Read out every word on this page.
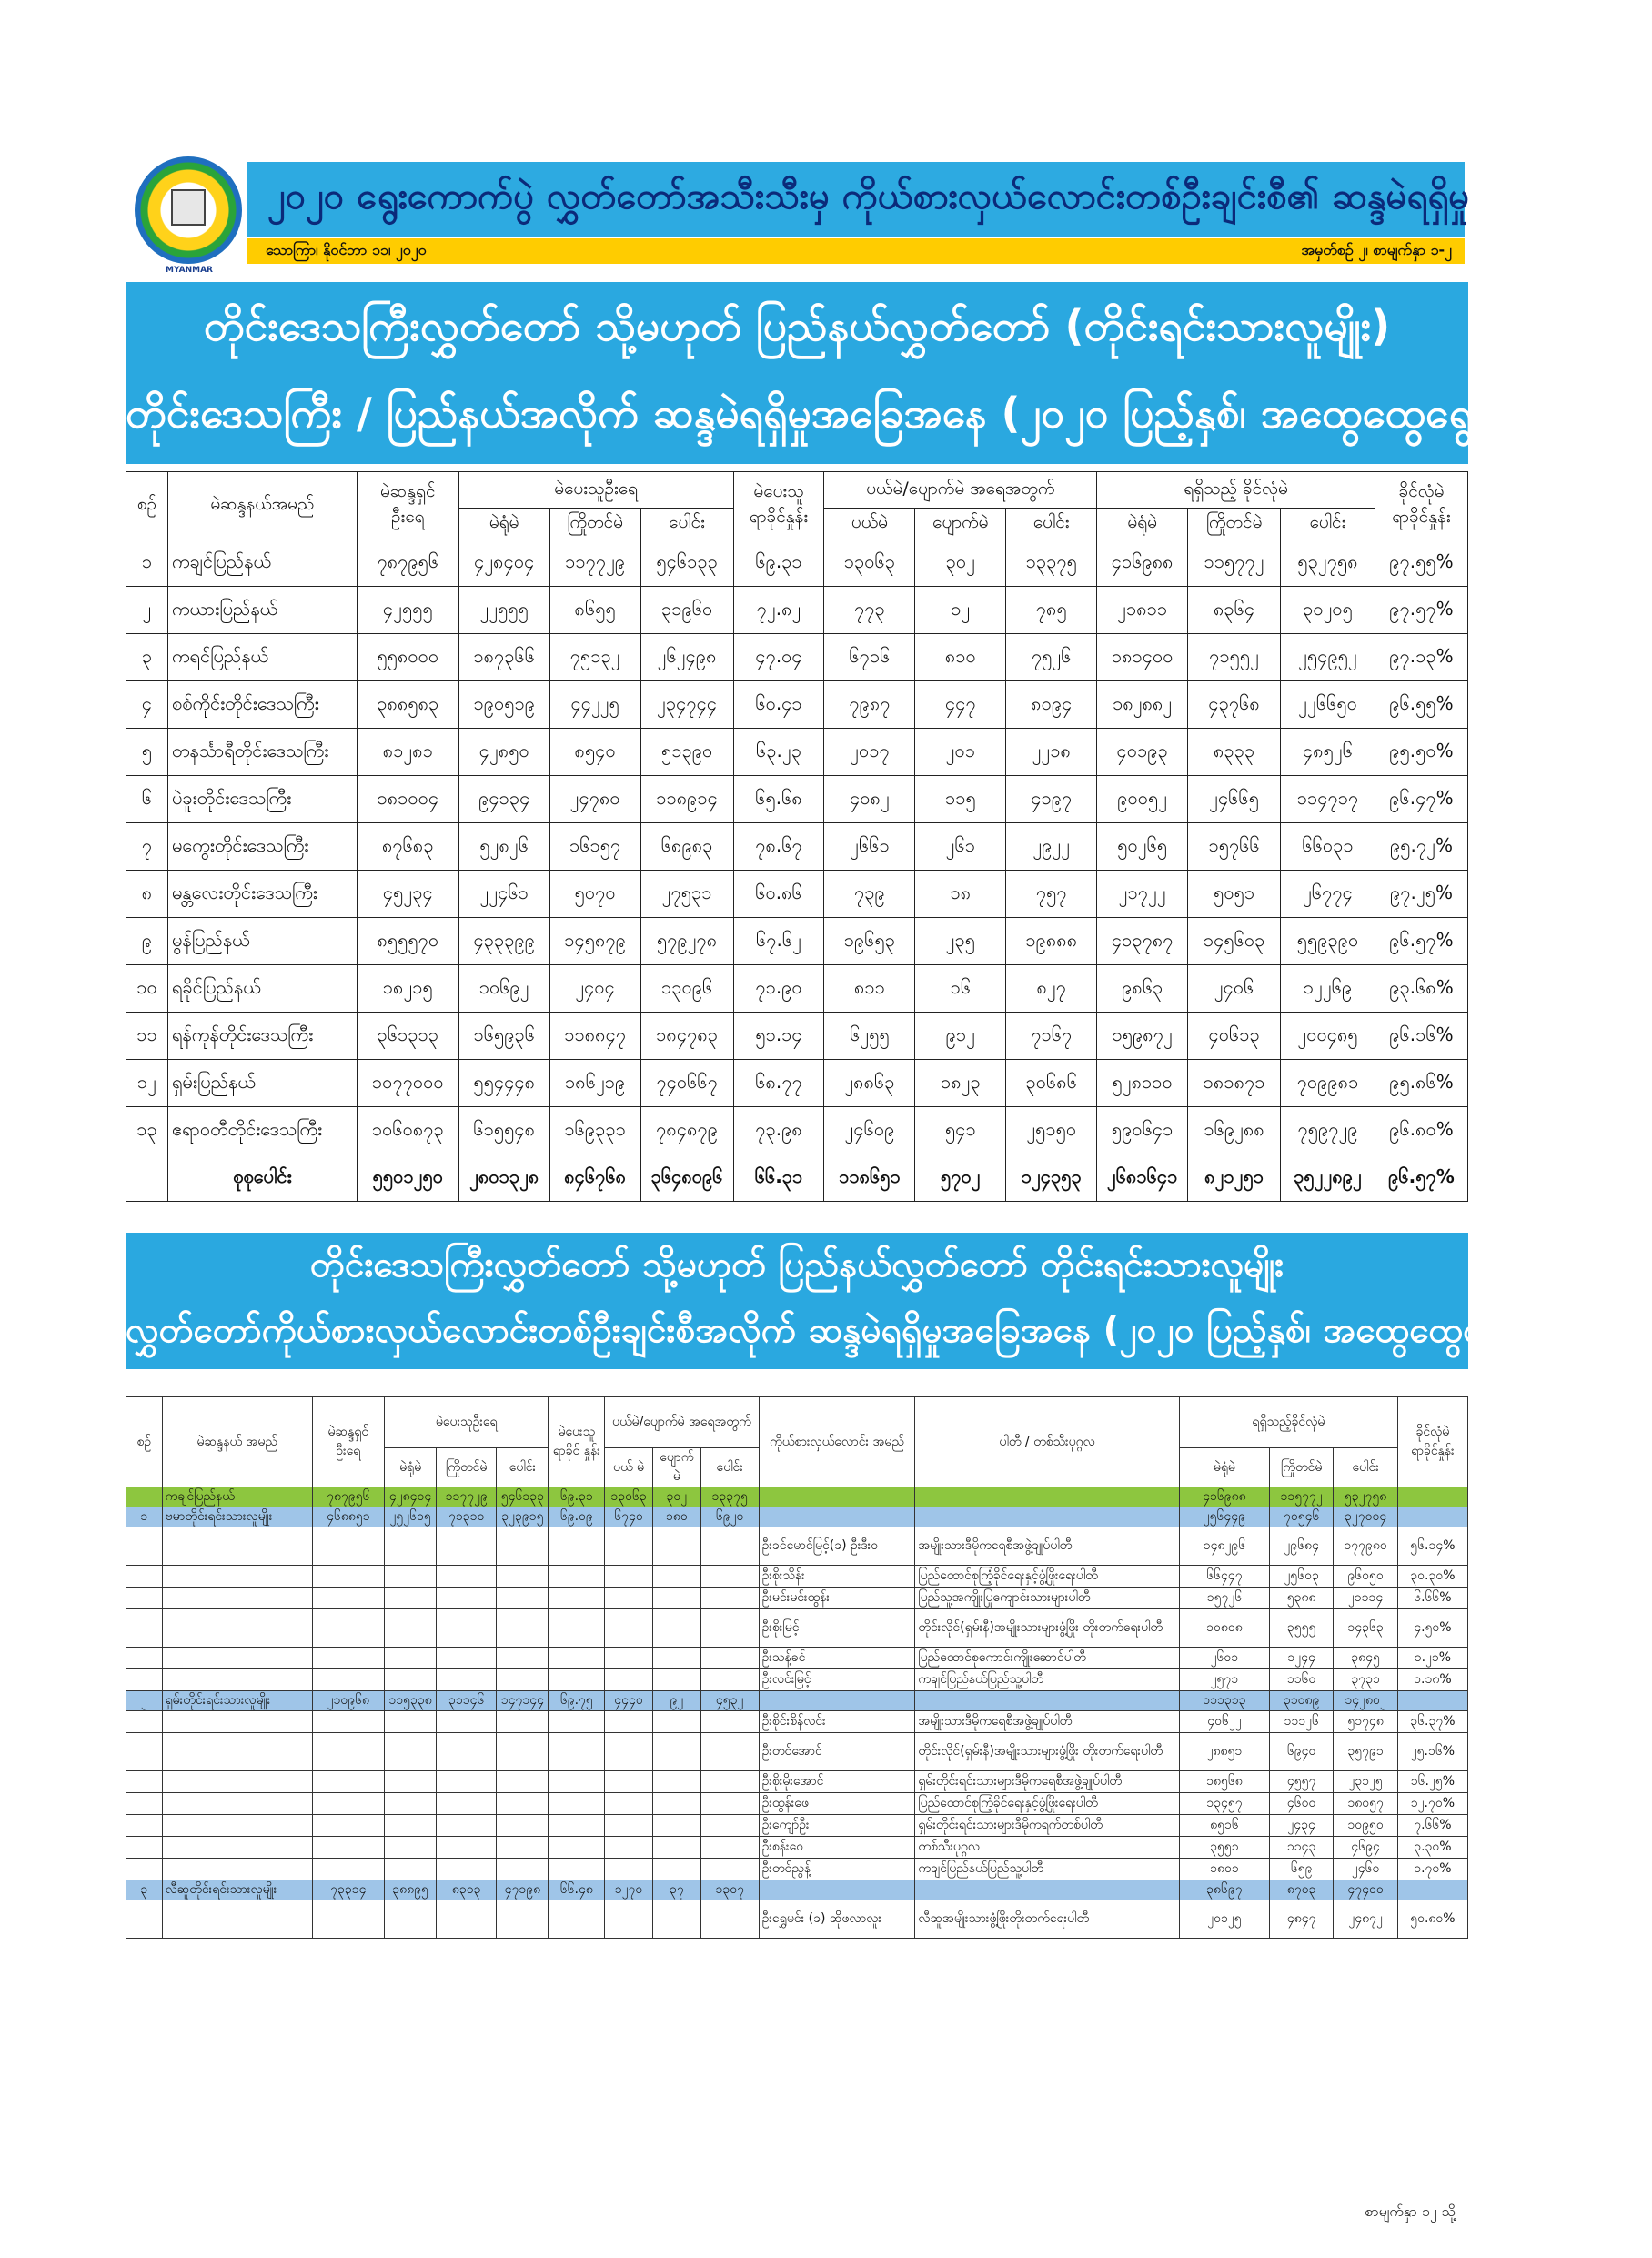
MYANMAR
၂၀၂၀ ရွေးကောက်ပွဲ လွှတ်တော်အသီးသီးမှ ကိုယ်စားလှယ်လောင်းတစ်ဦးချင်းစီ၏ ဆန္ဒမဲရရှိမှု
သောကြာ၊ နိုဝင်ဘာ ၁၁၊ ၂၀၂၀	အမှတ်စဉ် ၂၊ စာမျက်နှာ ၁-၂
တိုင်းဒေသကြီးလွှတ်တော် သို့မဟုတ် ပြည်နယ်လွှတ်တော် (တိုင်းရင်းသားလူမျိုး)
တိုင်းဒေသကြီး / ပြည်နယ်အလိုက် ဆန္ဒမဲရရှိမှုအခြေအနေ (၂၀၂၀ ပြည့်နှစ်၊ အထွေထွေရွေးကောက်ပွဲ)
စဉ်	မဲဆန္ဒနယ်အမည်	မဲဆန္ဒရှင် ဦးရေ	မဲပေးသူဦးရေ			မဲပေးသူ ရာခိုင်နှုန်း	ပယ်မဲ/ပျောက်မဲ အရေအတွက်			ရရှိသည့် ခိုင်လုံမဲ			ခိုင်လုံမဲ ရာခိုင်နှုန်း
			မဲရုံမဲ	ကြိုတင်မဲ	ပေါင်း		ပယ်မဲ	ပျောက်မဲ	ပေါင်း	မဲရုံမဲ	ကြိုတင်မဲ	ပေါင်း	
၁	ကချင်ပြည်နယ်	၇၈၇၉၅၆	၄၂၈၄၀၄	၁၁၇၇၂၉	၅၄၆၁၃၃	၆၉.၃၁	၁၃၀၆၃	၃၀၂	၁၃၃၇၅	၄၁၆၉၈၈	၁၁၅၇၇၂	၅၃၂၇၅၈	၉၇.၅၅%
၂	ကယားပြည်နယ်	၄၂၅၅၅	၂၂၅၅၅	၈၆၅၅	၃၁၉၆၀	၇၂.၈၂	၇၇၃	၁၂	၇၈၅	၂၁၈၁၁	၈၃၆၄	၃၀၂၀၅	၉၇.၅၇%
၃	ကရင်ပြည်နယ်	၅၅၈၀၀၀	၁၈၇၃၆၆	၇၅၁၃၂	၂၆၂၄၉၈	၄၇.၀၄	၆၇၁၆	၈၁၀	၇၅၂၆	၁၈၁၄၀၀	၇၁၅၅၂	၂၅၄၉၅၂	၉၇.၁၃%
၄	စစ်ကိုင်းတိုင်းဒေသကြီး	၃၈၈၅၈၃	၁၉၀၅၁၉	၄၄၂၂၅	၂၃၄၇၄၄	၆၀.၄၁	၇၉၈၇	၄၄၇	၈၀၉၄	၁၈၂၈၈၂	၄၃၇၆၈	၂၂၆၆၅၀	၉၆.၅၅%
၅	တနင်္သာရီတိုင်းဒေသကြီး	၈၁၂၈၁	၄၂၈၅၀	၈၅၄၀	၅၁၃၉၀	၆၃.၂၃	၂၀၁၇	၂၀၁	၂၂၁၈	၄၀၁၉၃	၈၃၃၃	၄၈၅၂၆	၉၅.၅၀%
၆	ပဲခူးတိုင်းဒေသကြီး	၁၈၁၀၀၄	၉၄၁၃၄	၂၄၇၈၀	၁၁၈၉၁၄	၆၅.၆၈	၄၀၈၂	၁၁၅	၄၁၉၇	၉၀၀၅၂	၂၄၆၆၅	၁၁၄၇၁၇	၉၆.၄၇%
၇	မကွေးတိုင်းဒေသကြီး	၈၇၆၈၃	၅၂၈၂၆	၁၆၁၅၇	၆၈၉၈၃	၇၈.၆၇	၂၆၆၁	၂၆၁	၂၉၂၂	၅၀၂၆၅	၁၅၇၆၆	၆၆၀၃၁	၉၅.၇၂%
၈	မန္တလေးတိုင်းဒေသကြီး	၄၅၂၃၄	၂၂၄၆၁	၅၀၇၀	၂၇၅၃၁	၆၀.၈၆	၇၃၉	၁၈	၇၅၇	၂၁၇၂၂	၅၀၅၁	၂၆၇၇၄	၉၇.၂၅%
၉	မွန်ပြည်နယ်	၈၅၅၅၇၀	၄၃၃၃၉၉	၁၄၅၈၇၉	၅၇၉၂၇၈	၆၇.၆၂	၁၉၆၅၃	၂၃၅	၁၉၈၈၈	၄၁၃၇၈၇	၁၄၅၆၀၃	၅၅၉၃၉၀	၉၆.၅၇%
၁၀	ရခိုင်ပြည်နယ်	၁၈၂၁၅	၁၀၆၉၂	၂၄၀၄	၁၃၀၉၆	၇၁.၉၀	၈၁၁	၁၆	၈၂၇	၉၈၆၃	၂၄၀၆	၁၂၂၆၉	၉၃.၆၈%
၁၁	ရန်ကုန်တိုင်းဒေသကြီး	၃၆၁၃၁၃	၁၆၅၉၃၆	၁၁၈၈၄၇	၁၈၄၇၈၃	၅၁.၁၄	၆၂၅၅	၉၁၂	၇၁၆၇	၁၅၉၈၇၂	၄၀၆၁၃	၂၀၀၄၈၅	၉၆.၁၆%
၁၂	ရှမ်းပြည်နယ်	၁၀၇၇၀၀၀	၅၅၄၄၄၈	၁၈၆၂၁၉	၇၄၀၆၆၇	၆၈.၇၇	၂၈၈၆၃	၁၈၂၃	၃၀၆၈၆	၅၂၈၁၁၀	၁၈၁၈၇၁	၇၀၉၉၈၁	၉၅.၈၆%
၁၃	ဧရာဝတီတိုင်းဒေသကြီး	၁၀၆၀၈၇၃	၆၁၅၅၄၈	၁၆၉၃၃၁	၇၈၄၈၇၉	၇၃.၉၈	၂၄၆၀၉	၅၄၁	၂၅၁၅၀	၅၉၀၆၄၁	၁၆၉၂၈၈	၇၅၉၇၂၉	၉၆.၈၀%
	စုစုပေါင်း	၅၅၀၁၂၅၀	၂၈၀၁၃၂၈	၈၄၆၇၆၈	၃၆၄၈၀၉၆	၆၆.၃၁	၁၁၈၆၅၁	၅၇၀၂	၁၂၄၃၅၃	၂၆၈၁၆၄၁	၈၂၁၂၅၁	၃၅၂၂၈၉၂	၉၆.၅၇%
တိုင်းဒေသကြီးလွှတ်တော် သို့မဟုတ် ပြည်နယ်လွှတ်တော် တိုင်းရင်းသားလူမျိုး
လွှတ်တော်ကိုယ်စားလှယ်လောင်းတစ်ဦးချင်းစီအလိုက် ဆန္ဒမဲရရှိမှုအခြေအနေ (၂၀၂၀ ပြည့်နှစ်၊ အထွေထွေရွေးကောက်ပွဲ)
စဉ်	မဲဆန္ဒနယ် အမည်	မဲဆန္ဒရှင် ဦးရေ	မဲပေးသူဦးရေ			မဲပေးသူ ရာခိုင် နှုန်း	ပယ်မဲ/ပျောက်မဲ အရေအတွက်			ကိုယ်စားလှယ်လောင်း အမည်	ပါတီ / တစ်သီးပုဂ္ဂလ	ရရှိသည့်ခိုင်လုံမဲ			ခိုင်လုံမဲ ရာခိုင်နှုန်း
			မဲရုံမဲ	ကြိုတင်မဲ	ပေါင်း		ပယ် မဲ	ပျောက် မဲ	ပေါင်း			မဲရုံမဲ	ကြိုတင်မဲ	ပေါင်း	
	ကချင်ပြည်နယ်	၇၈၇၉၅၆	၄၂၈၄၀၄	၁၁၇၇၂၉	၅၄၆၁၃၃	၆၉.၃၁	၁၃၀၆၃	၃၀၂	၁၃၃၇၅			၄၁၆၉၈၈	၁၁၅၇၇၂	၅၃၂၇၅၈	
၁	ဗမာတိုင်းရင်းသားလူမျိုး	၄၆၈၈၅၁	၂၅၂၆၀၅	၇၁၃၁၀	၃၂၃၉၁၅	၆၉.၀၉	၆၇၄၀	၁၈၀	၆၉၂၀			၂၅၆၄၄၉	၇၀၅၄၆	၃၂၇၀၀၄	
										ဦးခင်မောင်မြင့်(ခ) ဦးဒီးဝ	အမျိုးသားဒီမိုကရေစီအဖွဲ့ချုပ်ပါတီ	၁၄၈၂၉၆	၂၉၆၈၄	၁၇၇၉၈၀	၅၆.၁၄%
										ဦးစိုးသိန်း	ပြည်ထောင်စုကြံ့ခိုင်ရေးနှင့်ဖွံ့ဖြိုးရေးပါတီ	၆၆၄၄၇	၂၅၆၀၃	၉၆၀၅၀	၃၀.၃၀%
										ဦးမင်းမင်းထွန်း	ပြည်သူ့အကျိုးပြုကျောင်းသားများပါတီ	၁၅၇၂၆	၅၃၈၈	၂၁၁၁၄	၆.၆၆%
										ဦးစိုးမြင့်	တိုင်းလိုင်(ရှမ်းနီ)အမျိုးသားများဖွံ့ဖြိုး တိုးတက်ရေးပါတီ	၁၀၈၀၈	၃၅၅၅	၁၄၃၆၃	၄.၅၀%
										ဦးသန့်ခင်	ပြည်ထောင်စုကောင်းကျိုးဆောင်ပါတီ	၂၆၀၁	၁၂၄၄	၃၈၄၅	၁.၂၁%
										ဦးလင်းမြင့်	ကချင်ပြည်နယ်ပြည်သူ့ပါတီ	၂၅၇၁	၁၁၆၀	၃၇၃၁	၁.၁၈%
၂	ရှမ်းတိုင်းရင်းသားလူမျိုး	၂၁၀၉၆၈	၁၁၅၃၃၈	၃၁၁၄၆	၁၄၇၁၄၄	၆၉.၇၅	၄၄၄၀	၉၂	၄၅၃၂			၁၁၁၃၁၃	၃၁၀၈၉	၁၄၂၈၀၂	
										ဦးစိုင်းစိန်လင်း	အမျိုးသားဒီမိုကရေစီအဖွဲ့ချုပ်ပါတီ	၄၀၆၂၂	၁၁၁၂၆	၅၁၇၄၈	၃၆.၃၇%
										ဦးတင်အောင်	တိုင်းလိုင်(ရှမ်းနီ)အမျိုးသားများဖွံ့ဖြိုး တိုးတက်ရေးပါတီ	၂၈၈၅၁	၆၉၄၀	၃၅၇၉၁	၂၅.၁၆%
										ဦးစိုးမိုးအောင်	ရှမ်းတိုင်းရင်းသားများဒီမိုကရေစီအဖွဲ့ချုပ်ပါတီ	၁၈၅၆၈	၄၅၅၇	၂၃၁၂၅	၁၆.၂၅%
										ဦးထွန်းဖေ	ပြည်ထောင်စုကြံ့ခိုင်ရေးနှင့်ဖွံ့ဖြိုးရေးပါတီ	၁၃၄၅၇	၄၆၀၀	၁၈၀၅၇	၁၂.၇၀%
										ဦးကျော်ဦး	ရှမ်းတိုင်းရင်းသားများဒီမိုကရက်တစ်ပါတီ	၈၅၁၆	၂၄၃၄	၁၀၉၅၀	၇.၆၆%
										ဦးစန်းဝေ	တစ်သီးပုဂ္ဂလ	၃၅၅၁	၁၁၄၃	၄၆၉၄	၃.၃၀%
										ဦးတင်ညွန့်	ကချင်ပြည်နယ်ပြည်သူ့ပါတီ	၁၈၀၁	၆၅၉	၂၄၆၀	၁.၇၀%
၃	လီဆူတိုင်းရင်းသားလူမျိုး	၇၃၃၁၄	၃၈၈၉၅	၈၃၀၃	၄၇၁၉၈	၆၆.၄၈	၁၂၇၀	၃၇	၁၃၀၇			၃၈၆၉၇	၈၇၀၃	၄၇၄၀၀	
										ဦးရွှေမင်း (ခ) ဆိုဖလာလူး	လီဆူအမျိုးသားဖွံ့ဖြိုးတိုးတက်ရေးပါတီ	၂၀၁၂၅	၄၈၄၇	၂၄၈၇၂	၅၀.၈၀%
စာမျက်နှာ ၁၂ သို့
